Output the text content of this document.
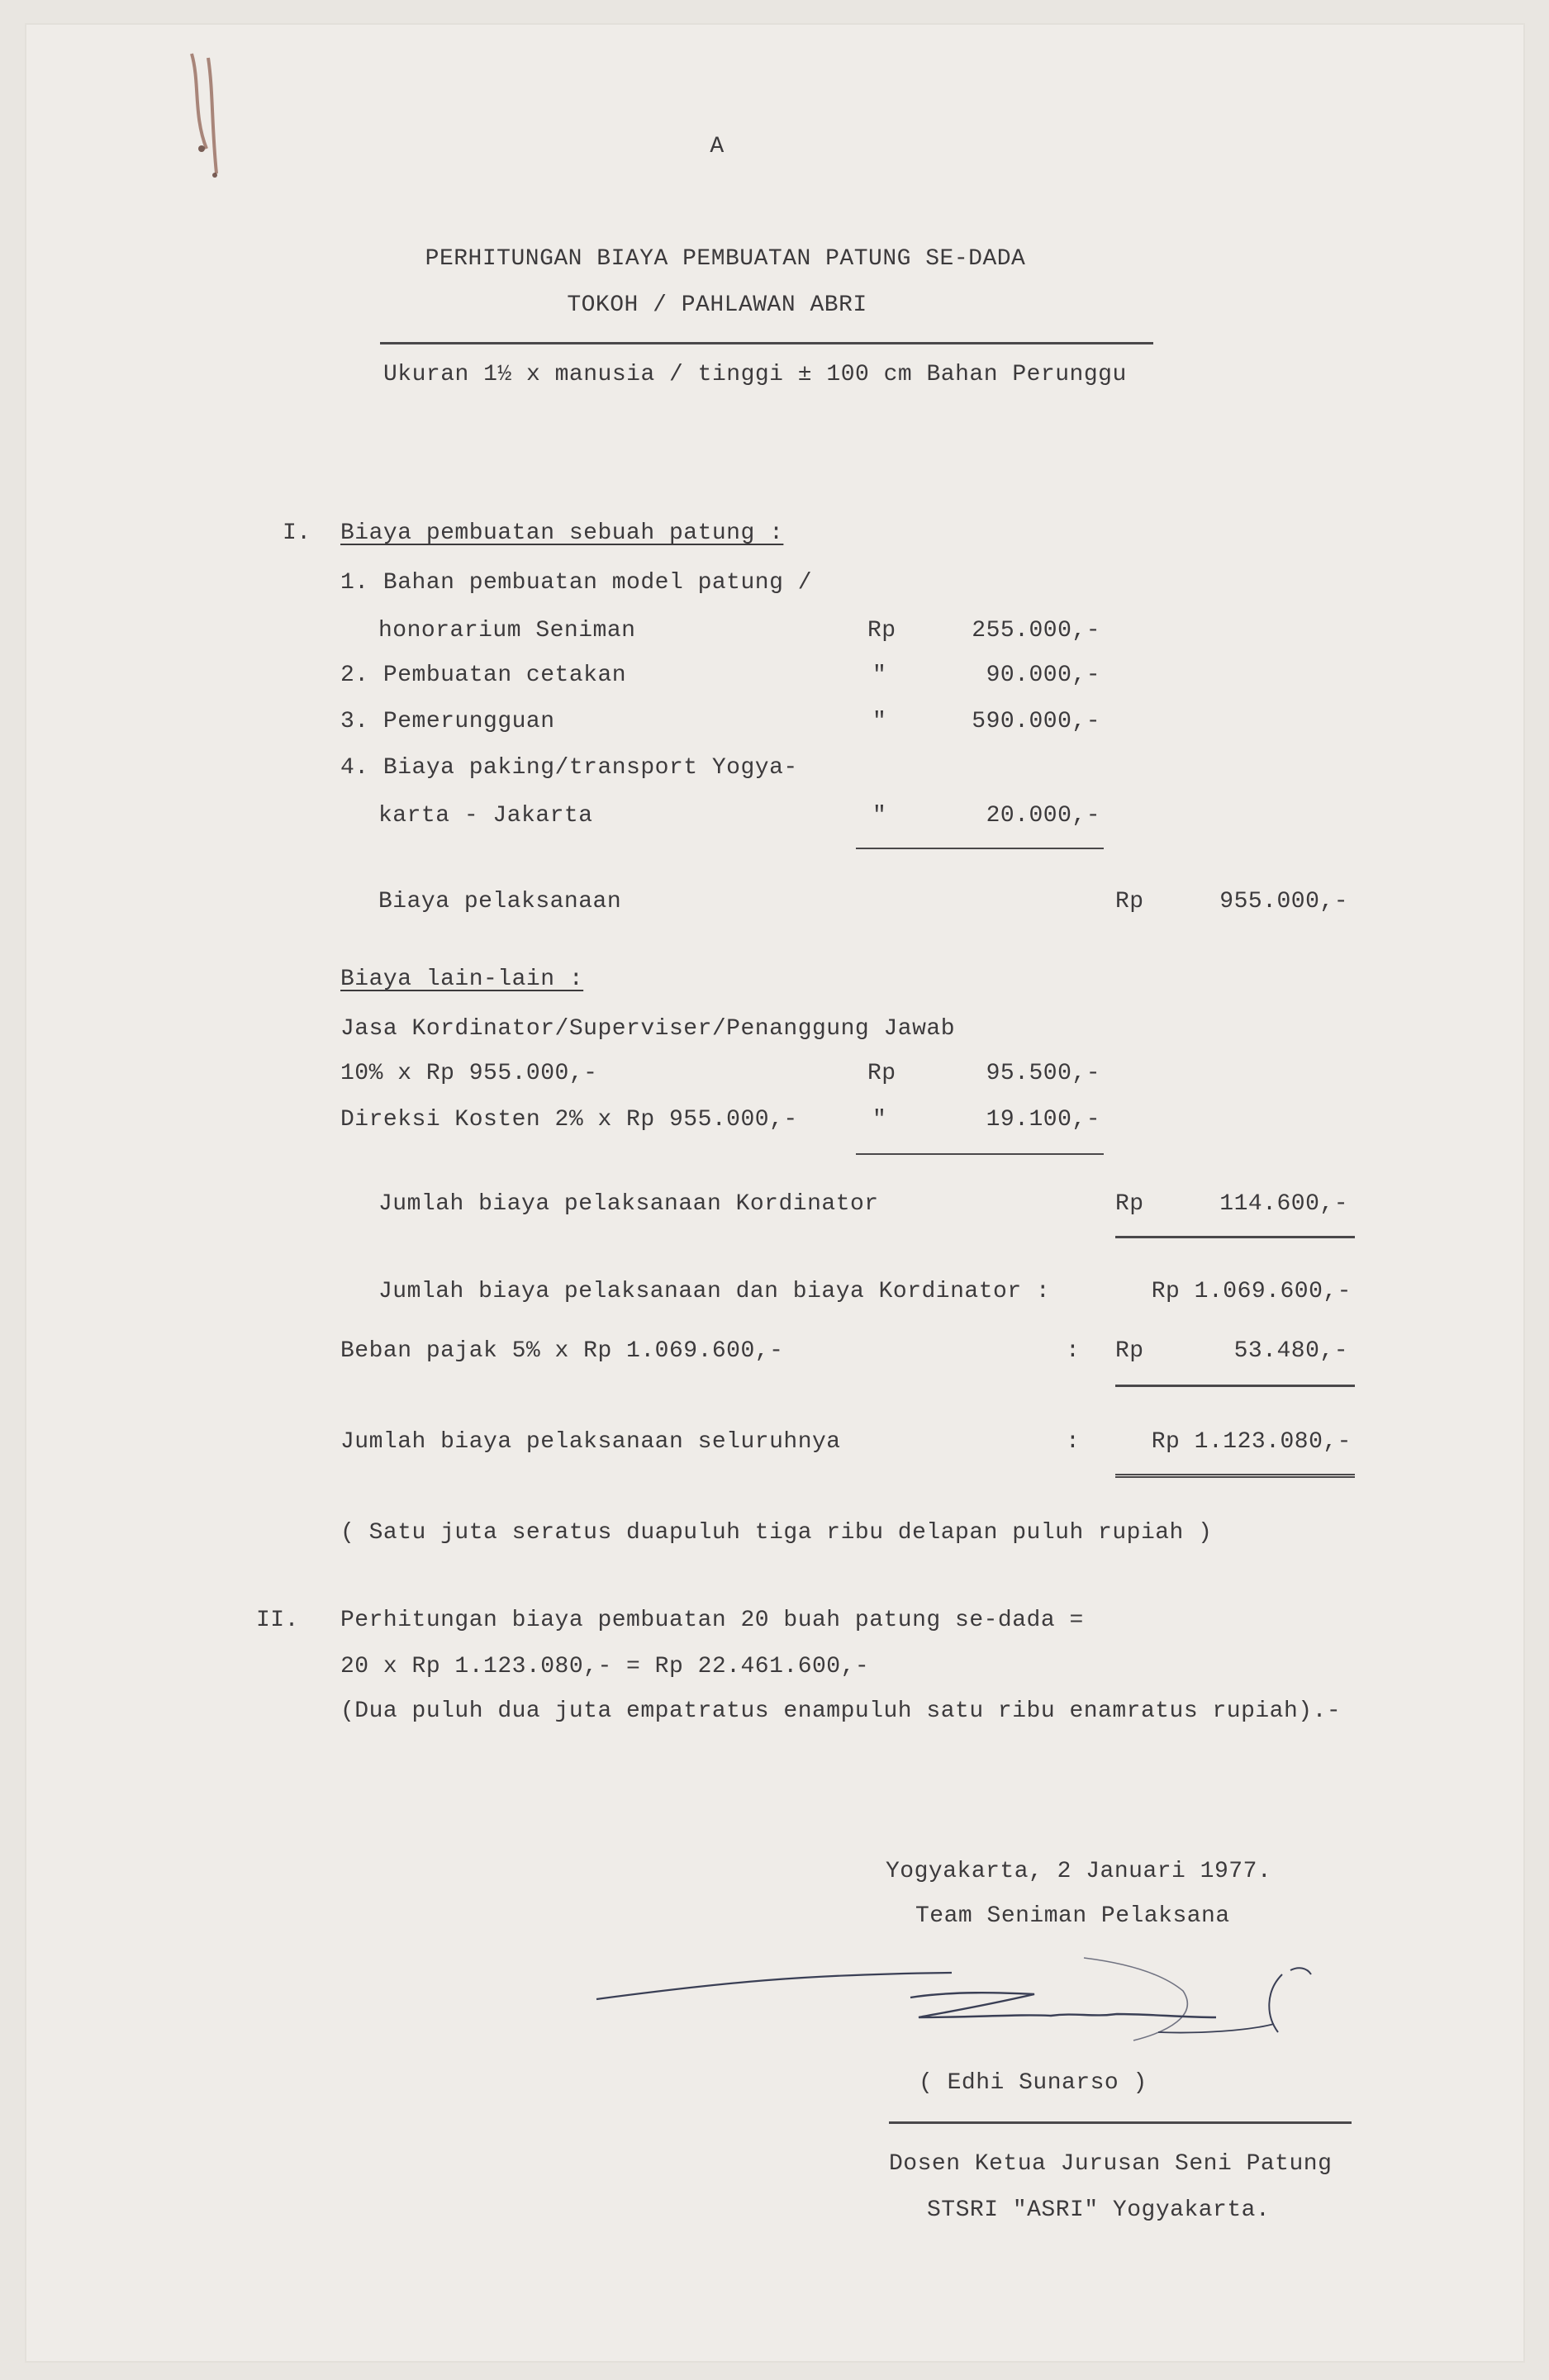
A
PERHITUNGAN BIAYA PEMBUATAN PATUNG SE-DADA
TOKOH / PAHLAWAN ABRI
Ukuran 1½ x manusia / tinggi ± 100 cm Bahan Perunggu
I. Biaya pembuatan sebuah patung :
1. Bahan pembuatan model patung /
honorarium Seniman	Rp	255.000,-
2. Pembuatan cetakan	"	90.000,-
3. Pemerungguan	"	590.000,-
4. Biaya paking/transport Yogya-
karta - Jakarta	"	20.000,-
Biaya pelaksanaan	Rp	955.000,-
Biaya lain-lain :
Jasa Kordinator/Superviser/Penanggung Jawab
10% x Rp 955.000,-	Rp	95.500,-
Direksi Kosten 2% x Rp 955.000,-	"	19.100,-
Jumlah biaya pelaksanaan Kordinator	Rp	114.600,-
Jumlah biaya pelaksanaan dan biaya Kordinator :	Rp 1.069.600,-
Beban pajak 5% x Rp 1.069.600,-	: Rp	53.480,-
Jumlah biaya pelaksanaan seluruhnya	:	Rp 1.123.080,-
( Satu juta seratus duapuluh tiga ribu delapan puluh rupiah )
II. Perhitungan biaya pembuatan 20 buah patung se-dada =
20 x Rp 1.123.080,- = Rp 22.461.600,-
(Dua puluh dua juta empatratus enampuluh satu ribu enamratus rupiah).-
Yogyakarta, 2 Januari 1977.
Team Seniman Pelaksana
( Edhi Sunarso )
Dosen Ketua Jurusan Seni Patung
STSRI "ASRI" Yogyakarta.
